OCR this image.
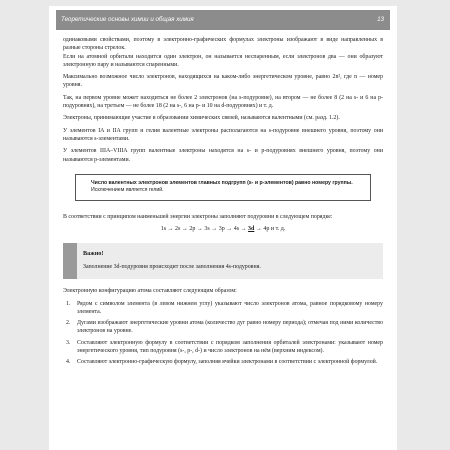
Теоретические основы химии и общая химия	13

одинаковыми свойствами, поэтому в электронно-графических формулах электроны изображают в виде направленных в разные стороны стрелок.

Если на атомной орбитали находится один электрон, он называется неспаренным, если электронов два — они образуют электронную пару и называются спаренными.

Максимально возможное число электронов, находящихся на каком-либо энергетическом уровне, равно 2n², где n — номер уровня.

Так, на первом уровне может находиться не более 2 электронов (на s-подуровне), на втором — не более 8 (2 на s- и 6 на p-подуровнях), на третьем — не более 18 (2 на s-, 6 на p- и 10 на d-подуровнях) и т. д.

Электроны, принимающие участие в образовании химических связей, называются валентными (см. разд. 1.2).

У элементов IA и IIA групп и гелия валентные электроны располагаются на s-подуровне внешнего уровня, поэтому они называются s-элементами.

У элементов IIIA–VIIIA групп валентные электроны находятся на s- и p-подуровнях внешнего уровня, поэтому они называются p-элементами.

Число валентных электронов элементов главных подгрупп (s- и p-элементов) равно номеру группы. Исключением является гелий.

В соответствии с принципом наименьшей энергии электроны заполняют подуровни в следующем порядке:

1s → 2s → 2p → 3s → 3p → 4s → 3d → 4p и т. д.
Важно!
Заполнение 3d-подуровня происходит после заполнения 4s-подуровня.

Электронную конфигурацию атома составляют следующим образом:

1. Рядом с символом элемента (в левом нижнем углу) указывают число электронов атома, равное порядковому номеру элемента.
2. Дугами изображают энергетические уровни атома (количество дуг равно номеру периода); отмечая под ними количество электронов на уровне.
3. Составляют электронную формулу в соответствии с порядком заполнения орбиталей электронами: указывают номер энергетического уровня, тип подуровня (s-, p-, d-) и число электронов на нём (верхним индексом).
4. Составляют электронно-графическую формулу, заполняя ячейки электронами в соответствии с электронной формулой.
